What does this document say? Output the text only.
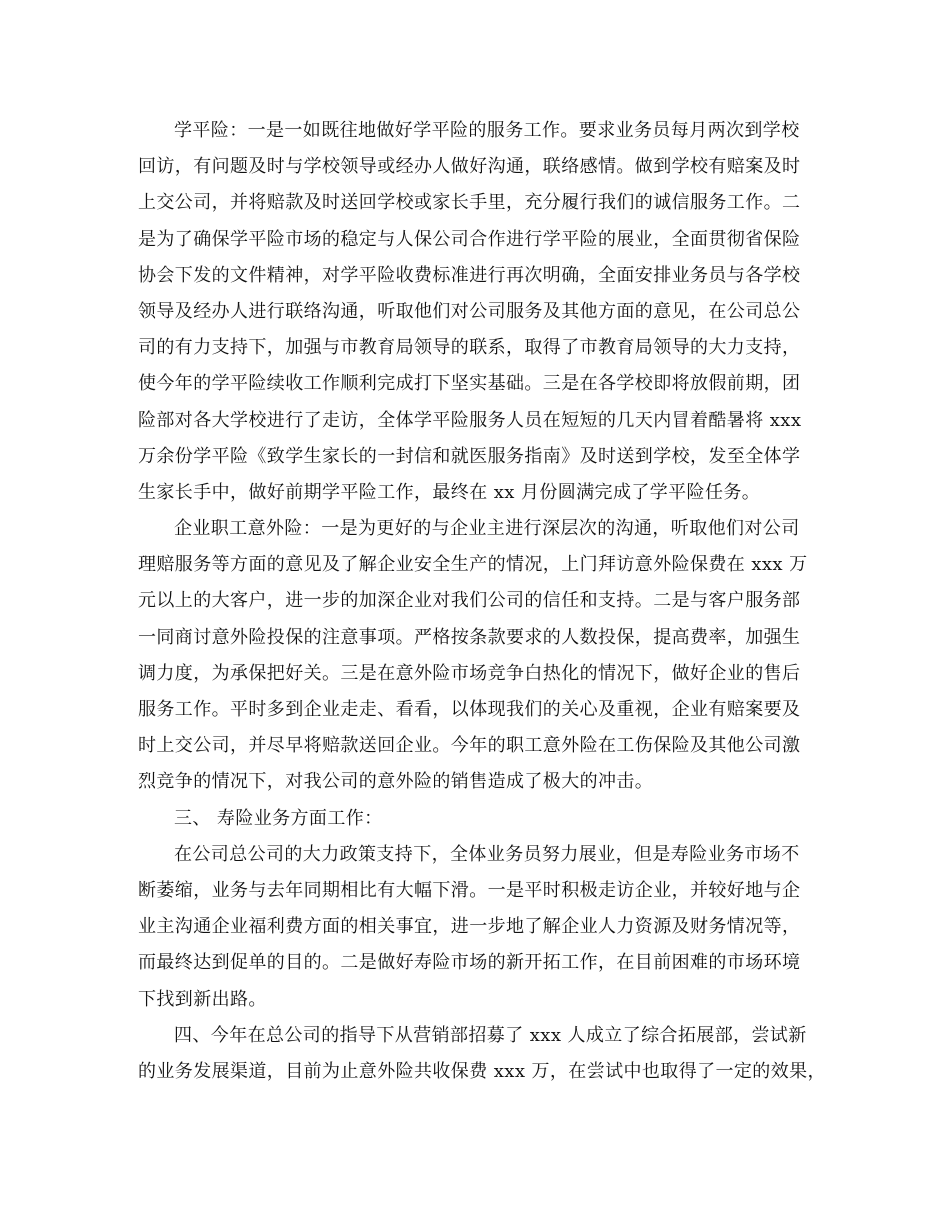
学平险：一是一如既往地做好学平险的服务工作。要求业务员每月两次到学校
回访，有问题及时与学校领导或经办人做好沟通，联络感情。做到学校有赔案及时
上交公司，并将赔款及时送回学校或家长手里，充分履行我们的诚信服务工作。二
是为了确保学平险市场的稳定与人保公司合作进行学平险的展业，全面贯彻省保险
协会下发的文件精神，对学平险收费标准进行再次明确，全面安排业务员与各学校
领导及经办人进行联络沟通，听取他们对公司服务及其他方面的意见，在公司总公
司的有力支持下，加强与市教育局领导的联系，取得了市教育局领导的大力支持，
使今年的学平险续收工作顺利完成打下坚实基础。三是在各学校即将放假前期，团
险部对各大学校进行了走访，全体学平险服务人员在短短的几天内冒着酷暑将 xxx
万余份学平险《致学生家长的一封信和就医服务指南》及时送到学校，发至全体学
生家长手中，做好前期学平险工作，最终在 xx 月份圆满完成了学平险任务。
企业职工意外险：一是为更好的与企业主进行深层次的沟通，听取他们对公司
理赔服务等方面的意见及了解企业安全生产的情况，上门拜访意外险保费在 xxx 万
元以上的大客户，进一步的加深企业对我们公司的信任和支持。二是与客户服务部
一同商讨意外险投保的注意事项。严格按条款要求的人数投保，提高费率，加强生
调力度，为承保把好关。三是在意外险市场竞争白热化的情况下，做好企业的售后
服务工作。平时多到企业走走、看看，以体现我们的关心及重视，企业有赔案要及
时上交公司，并尽早将赔款送回企业。今年的职工意外险在工伤保险及其他公司激
烈竞争的情况下，对我公司的意外险的销售造成了极大的冲击。
三、 寿险业务方面工作：
在公司总公司的大力政策支持下，全体业务员努力展业，但是寿险业务市场不
断萎缩，业务与去年同期相比有大幅下滑。一是平时积极走访企业，并较好地与企
业主沟通企业福利费方面的相关事宜，进一步地了解企业人力资源及财务情况等，
而最终达到促单的目的。二是做好寿险市场的新开拓工作，在目前困难的市场环境
下找到新出路。
四、今年在总公司的指导下从营销部招募了 xxx 人成立了综合拓展部，尝试新
的业务发展渠道，目前为止意外险共收保费 xxx 万，在尝试中也取得了一定的效果，
